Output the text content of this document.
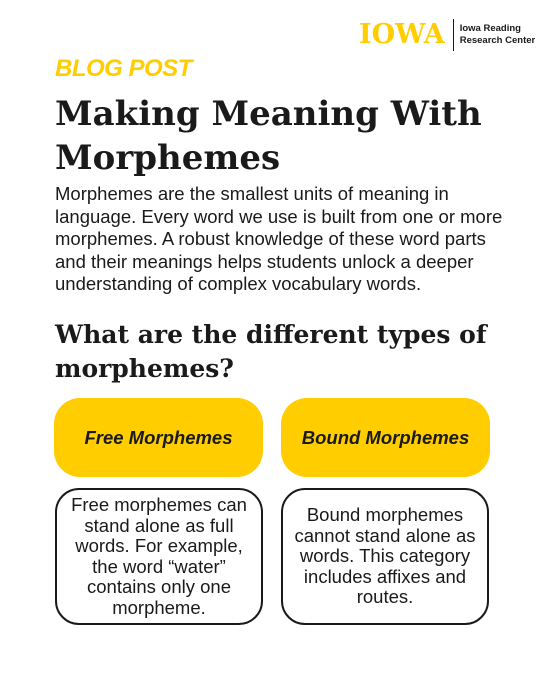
IOWA Iowa Reading
Research Center
BLOG POST
Making Meaning With Morphemes

Morphemes are the smallest units of meaning in language. Every word we use is built from one or more morphemes. A robust knowledge of these word parts and their meanings helps students unlock a deeper understanding of complex vocabulary words.

What are the different types of morphemes?
Free Morphemes	Bound Morphemes
Free morphemes can stand alone as full words. For example, the word “water” contains only one morpheme.
Bound morphemes cannot stand alone as words. This category includes affixes and routes.
